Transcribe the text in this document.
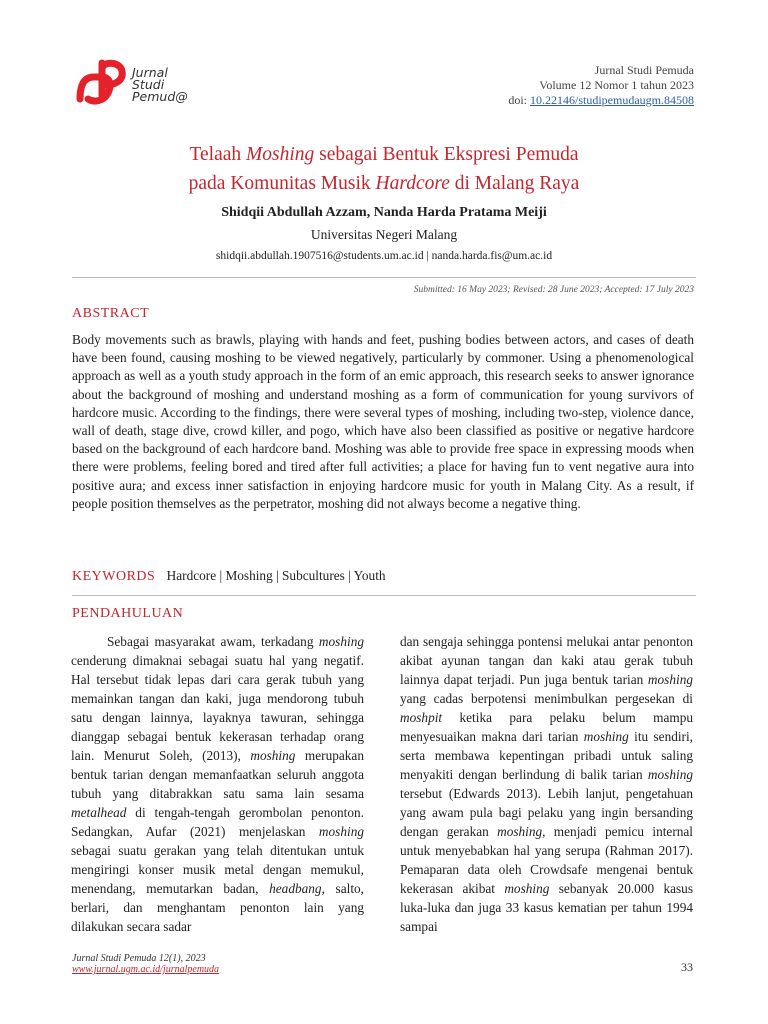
Jurnal
Studi
Pemud@
Jurnal Studi Pemuda
Volume 12 Nomor 1 tahun 2023
doi: 10.22146/studipemudaugm.84508
Telaah Moshing sebagai Bentuk Ekspresi Pemuda
pada Komunitas Musik Hardcore di Malang Raya
Shidqii Abdullah Azzam, Nanda Harda Pratama Meiji
Universitas Negeri Malang
shidqii.abdullah.1907516@students.um.ac.id | nanda.harda.fis@um.ac.id
Submitted: 16 May 2023; Revised: 28 June 2023; Accepted: 17 July 2023
ABSTRACT

Body movements such as brawls, playing with hands and feet, pushing bodies between actors, and cases of death have been found, causing moshing to be viewed negatively, particularly by commoner. Using a phenomenological approach as well as a youth study approach in the form of an emic approach, this research seeks to answer ignorance about the background of moshing and understand moshing as a form of communication for young survivors of hardcore music. According to the findings, there were several types of moshing, including two-step, violence dance, wall of death, stage dive, crowd killer, and pogo, which have also been classified as positive or negative hardcore based on the background of each hardcore band. Moshing was able to provide free space in expressing moods when there were problems, feeling bored and tired after full activities; a place for having fun to vent negative aura into positive aura; and excess inner satisfaction in enjoying hardcore music for youth in Malang City. As a result, if people position themselves as the perpetrator, moshing did not always become a negative thing.

KEYWORDS Hardcore | Moshing | Subcultures | Youth
PENDAHULUAN

Sebagai masyarakat awam, terkadang moshing cenderung dimaknai sebagai suatu hal yang negatif. Hal tersebut tidak lepas dari cara gerak tubuh yang memainkan tangan dan kaki, juga mendorong tubuh satu dengan lainnya, layaknya tawuran, sehingga dianggap sebagai bentuk kekerasan terhadap orang lain. Menurut Soleh, (2013), moshing merupakan bentuk tarian dengan memanfaatkan seluruh anggota tubuh yang ditabrakkan satu sama lain sesama metalhead di tengah-tengah gerombolan penonton. Sedangkan, Aufar (2021) menjelaskan moshing sebagai suatu gerakan yang telah ditentukan untuk mengiringi konser musik metal dengan memukul, menendang, memutarkan badan, headbang, salto, berlari, dan menghantam penonton lain yang dilakukan secara sadar

dan sengaja sehingga pontensi melukai antar penonton akibat ayunan tangan dan kaki atau gerak tubuh lainnya dapat terjadi. Pun juga bentuk tarian moshing yang cadas berpotensi menimbulkan pergesekan di moshpit ketika para pelaku belum mampu menyesuaikan makna dari tarian moshing itu sendiri, serta membawa kepentingan pribadi untuk saling menyakiti dengan berlindung di balik tarian moshing tersebut (Edwards 2013). Lebih lanjut, pengetahuan yang awam pula bagi pelaku yang ingin bersanding dengan gerakan moshing, menjadi pemicu internal untuk menyebabkan hal yang serupa (Rahman 2017). Pemaparan data oleh Crowdsafe mengenai bentuk kekerasan akibat moshing sebanyak 20.000 kasus luka-luka dan juga 33 kasus kematian per tahun 1994 sampai

Jurnal Studi Pemuda 12(1), 2023
www.jurnal.ugm.ac.id/jurnalpemuda	33
